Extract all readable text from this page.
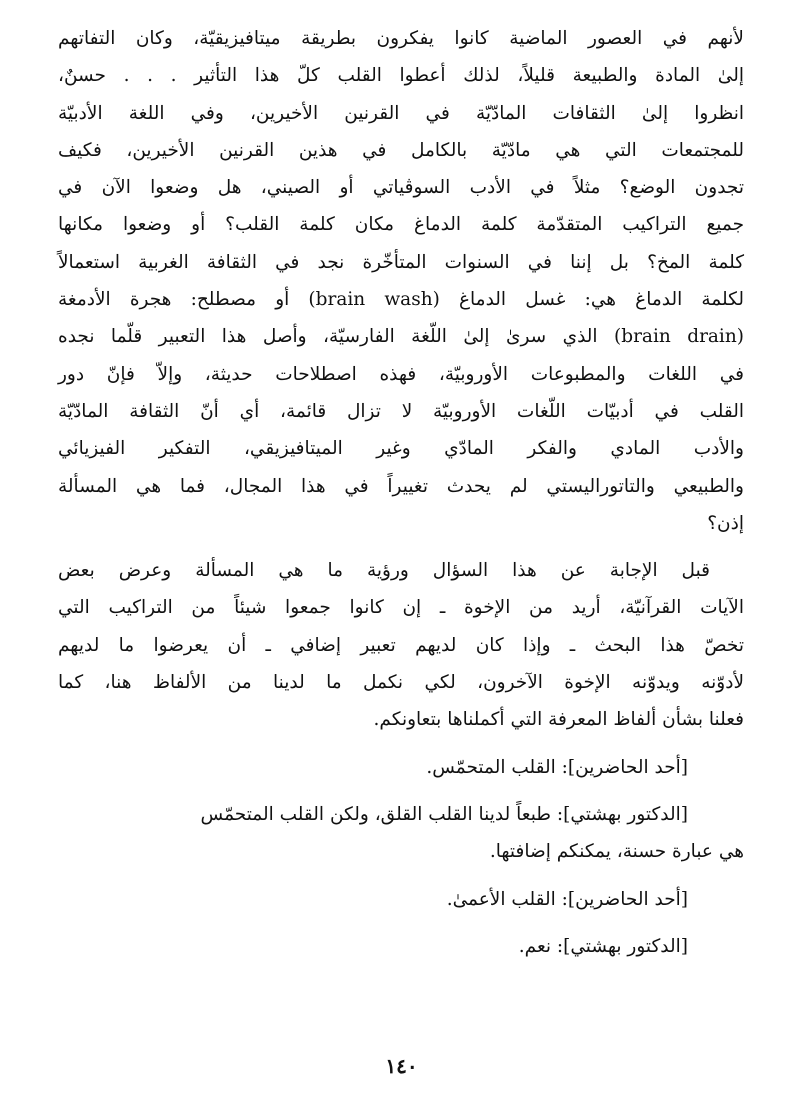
لأنهم في العصور الماضية كانوا يفكرون بطريقة ميتافيزيقيّة، وكان التفاتهم
إلىٰ المادة والطبيعة قليلاً، لذلك أعطوا القلب كلّ هذا التأثير . . . حسنٌ،
انظروا إلىٰ الثقافات المادّيّة في القرنين الأخيرين، وفي اللغة الأدبيّة
للمجتمعات التي هي مادّيّة بالكامل في هذين القرنين الأخيرين، فكيف
تجدون الوضع؟ مثلاً في الأدب السوڤياتي أو الصيني، هل وضعوا الآن في
جميع التراكيب المتقدّمة كلمة الدماغ مكان كلمة القلب؟ أو وضعوا مكانها
كلمة المخ؟ بل إننا في السنوات المتأخّرة نجد في الثقافة الغربية استعمالاً
لكلمة الدماغ هي: غسل الدماغ (brain wash) أو مصطلح: هجرة الأدمغة
(brain drain) الذي سرىٰ إلىٰ اللّغة الفارسيّة، وأصل هذا التعبير قلّما نجده
في اللغات والمطبوعات الأوروبيّة، فهذه اصطلاحات حديثة، وإلاّ فإنّ دور
القلب في أدبيّات اللّغات الأوروبيّة لا تزال قائمة، أي أنّ الثقافة المادّيّة
والأدب المادي والفكر المادّي وغير الميتافيزيقي، التفكير الفيزيائي
والطبيعي والتاتوراليستي لم يحدث تغييراً في هذا المجال، فما هي المسألة
إذن؟

قبل الإجابة عن هذا السؤال ورؤية ما هي المسألة وعرض بعض
الآيات القرآنيّة، أريد من الإخوة ـ إن كانوا جمعوا شيئاً من التراكيب التي
تخصّ هذا البحث ـ وإذا كان لديهم تعبير إضافي ـ أن يعرضوا ما لديهم
لأدوّنه ويدوّنه الإخوة الآخرون، لكي نكمل ما لدينا من الألفاظ هنا، كما
فعلنا بشأن ألفاظ المعرفة التي أكملناها بتعاونكم.

[أحد الحاضرين]: القلب المتحمّس.
[الدكتور بهشتي]: طبعاً لدينا القلب القلق، ولكن القلب المتحمّس
هي عبارة حسنة، يمكنكم إضافتها.
[أحد الحاضرين]: القلب الأعمىٰ.
[الدكتور بهشتي]: نعم.
١٤٠
